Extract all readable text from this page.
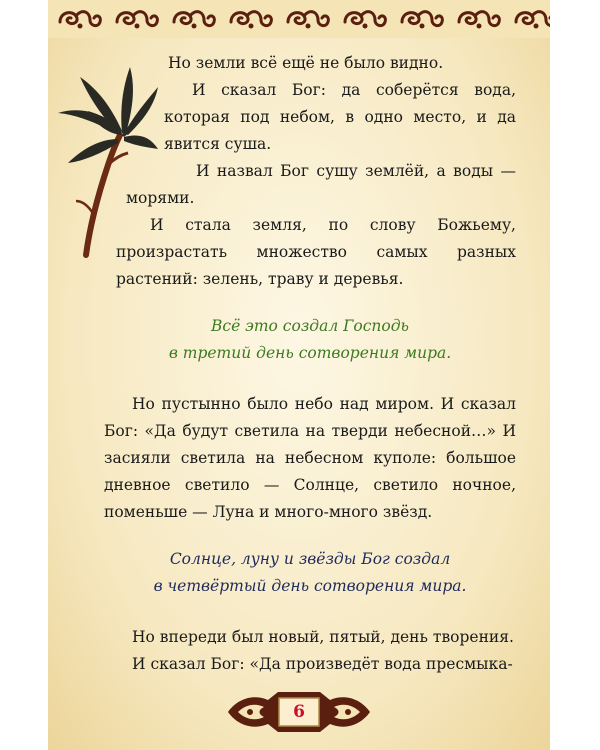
Но земли всё ещё не было видно.

И сказал Бог: да соберётся вода, которая под небом, в одно место, и да явится суша.

И назвал Бог сушу землёй, а воды — морями.

И стала земля, по слову Божьему, произрастать множество самых разных растений: зелень, траву и деревья.

Всё это создал Господь

в третий день сотворения мира.

Но пустынно было небо над миром. И сказал Бог: «Да будут светила на тверди небесной…» И засияли светила на небесном куполе: большое дневное светило — Солнце, светило ночное, поменьше — Луна и много-много звёзд.

Солнце, луну и звёзды Бог создал

в четвёртый день сотворения мира.

Но впереди был новый, пятый, день творения.

И сказал Бог: «Да произведёт вода пресмыка-

6
